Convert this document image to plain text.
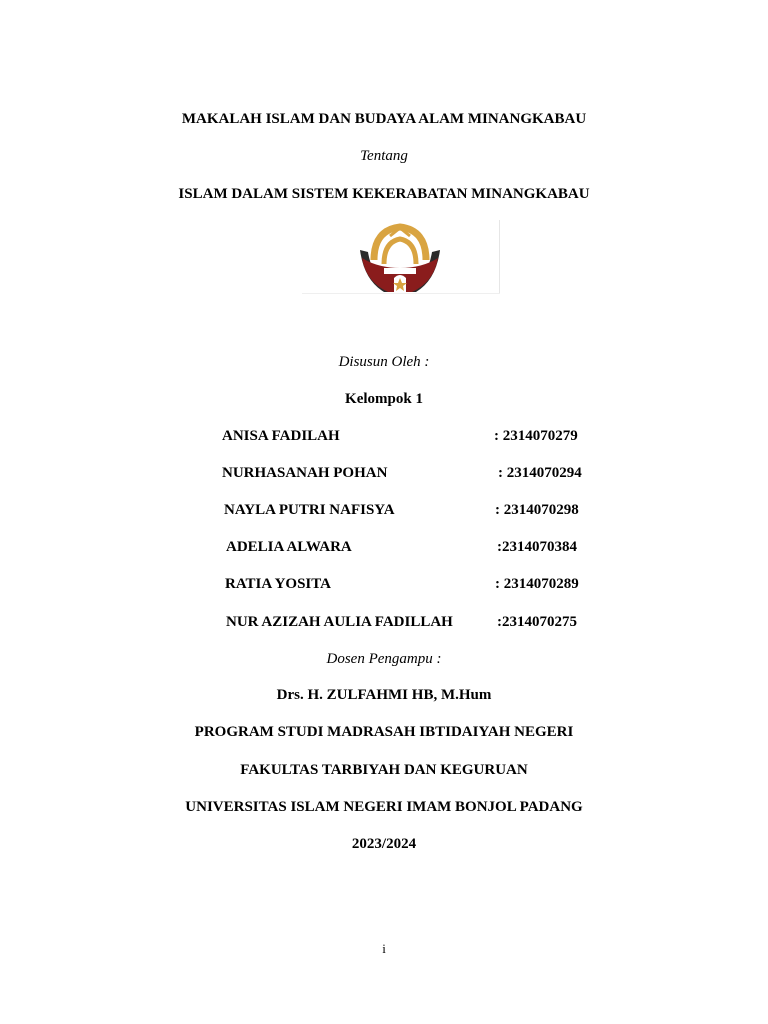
MAKALAH ISLAM DAN BUDAYA ALAM MINANGKABAU
Tentang
ISLAM DALAM SISTEM KEKERABATAN MINANGKABAU
Disusun Oleh :
Kelompok 1
ANISA FADILAH	: 2314070279
NURHASANAH POHAN	: 2314070294
NAYLA PUTRI NAFISYA	: 2314070298
ADELIA ALWARA	:2314070384
RATIA YOSITA	: 2314070289
NUR AZIZAH AULIA FADILLAH	:2314070275
Dosen Pengampu :
Drs. H. ZULFAHMI HB, M.Hum
PROGRAM STUDI MADRASAH IBTIDAIYAH NEGERI
FAKULTAS TARBIYAH DAN KEGURUAN
UNIVERSITAS ISLAM NEGERI IMAM BONJOL PADANG
2023/2024
i
